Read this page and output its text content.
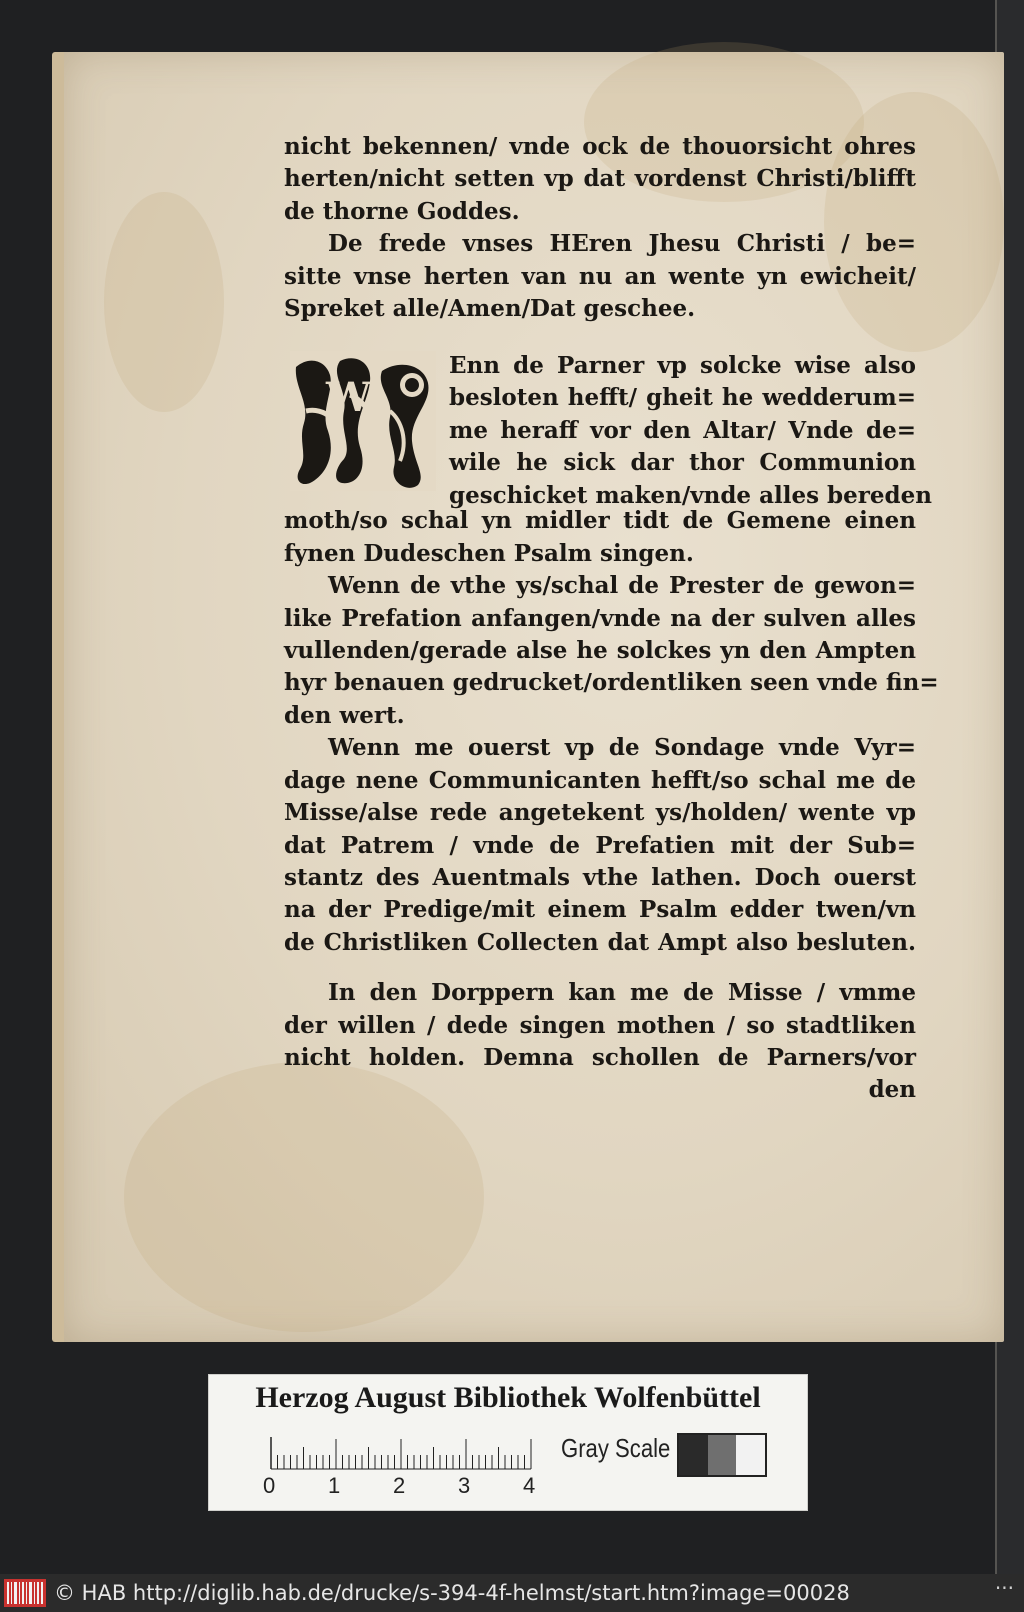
W
nicht bekennen/ vnde ock de thouorsicht ohres
herten/nicht setten vp dat vordenst Christi/blifft
de thorne Goddes.
De frede vnses HEren Jhesu Christi / be=
sitte vnse herten van nu an wente yn ewicheit/
Spreket alle/Amen/Dat geschee.
moth/so schal yn midler tidt de Gemene einen
fynen Dudeschen Psalm singen.
Wenn de vthe ys/schal de Prester de gewon=
like Prefation anfangen/vnde na der sulven alles
vullenden/gerade alse he solckes yn den Ampten
hyr benauen gedrucket/ordentliken seen vnde fin=
den wert.
Wenn me ouerst vp de Sondage vnde Vyr=
dage nene Communicanten hefft/so schal me de
Misse/alse rede angetekent ys/holden/ wente vp
dat Patrem / vnde de Prefatien mit der Sub=
stantz des Auentmals vthe lathen. Doch ouerst
na der Predige/mit einem Psalm edder twen/vn
de Christliken Collecten dat Ampt also besluten.
In den Dorppern kan me de Misse / vmme
der willen / dede singen mothen / so stadtliken
nicht holden. Demna schollen de Parners/vor
den
Enn de Parner vp solcke wise also
besloten hefft/ gheit he wedderum=
me heraff vor den Altar/ Vnde de=
wile he sick dar thor Communion
geschicket maken/vnde alles bereden
Herzog August Bibliothek Wolfenbüttel
0 1 2 3 4
Gray Scale
© HAB http://diglib.hab.de/drucke/s-394-4f-helmst/start.htm?image=00028	···
